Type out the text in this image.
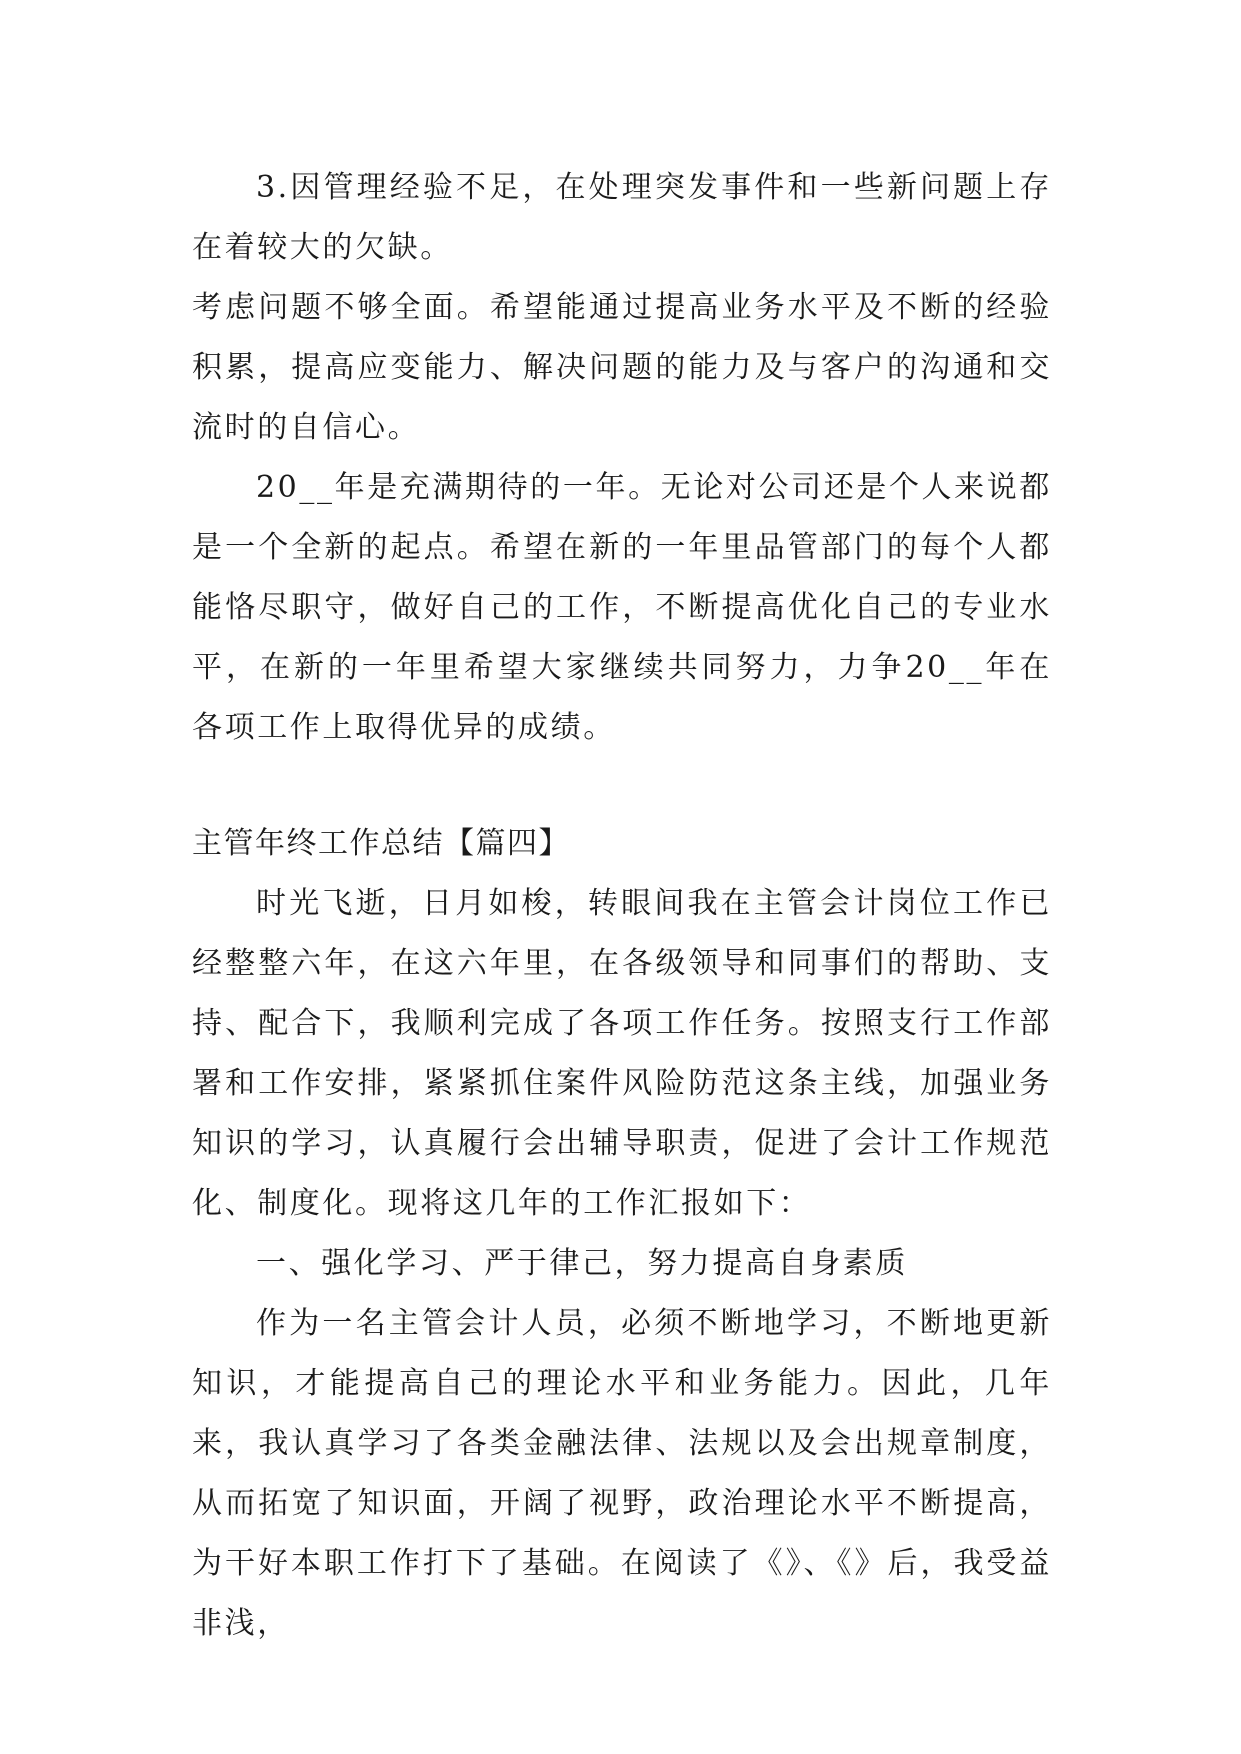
3.因管理经验不足，在处理突发事件和一些新问题上存在着较大的欠缺。

考虑问题不够全面。希望能通过提高业务水平及不断的经验积累，提高应变能力、解决问题的能力及与客户的沟通和交流时的自信心。

20__年是充满期待的一年。无论对公司还是个人来说都是一个全新的起点。希望在新的一年里品管部门的每个人都能恪尽职守，做好自己的工作，不断提高优化自己的专业水平，在新的一年里希望大家继续共同努力，力争20__年在各项工作上取得优异的成绩。

主管年终工作总结【篇四】

时光飞逝，日月如梭，转眼间我在主管会计岗位工作已经整整六年，在这六年里，在各级领导和同事们的帮助、支持、配合下，我顺利完成了各项工作任务。按照支行工作部署和工作安排，紧紧抓住案件风险防范这条主线，加强业务知识的学习，认真履行会出辅导职责，促进了会计工作规范化、制度化。现将这几年的工作汇报如下：

一、强化学习、严于律己，努力提高自身素质

作为一名主管会计人员，必须不断地学习，不断地更新知识，才能提高自己的理论水平和业务能力。因此，几年来，我认真学习了各类金融法律、法规以及会出规章制度，从而拓宽了知识面，开阔了视野，政治理论水平不断提高，为干好本职工作打下了基础。在阅读了《》、《》后，我受益非浅，
